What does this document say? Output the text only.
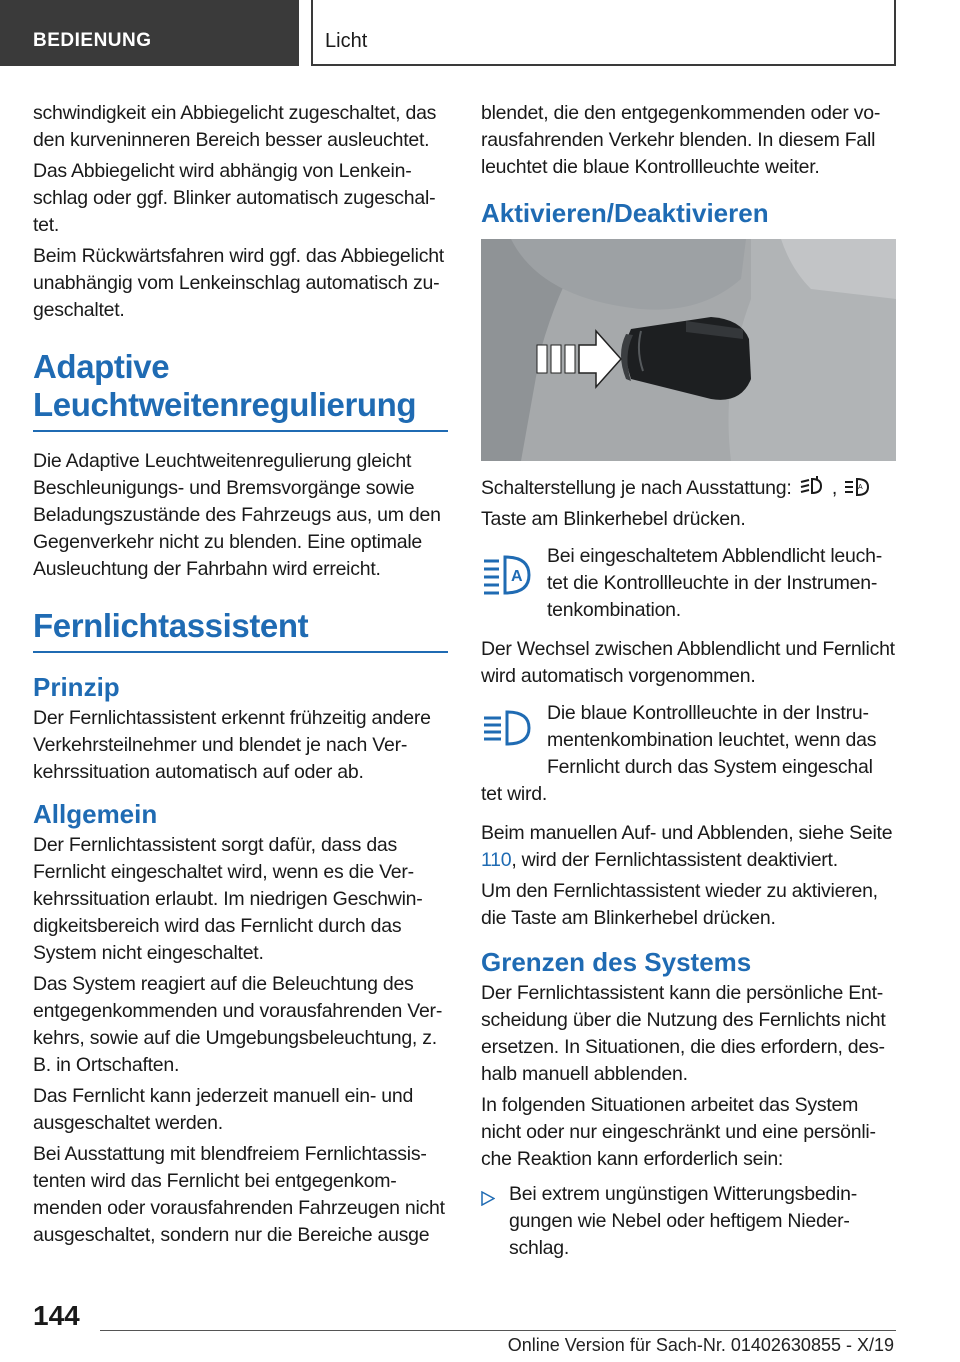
BEDIENUNG	Licht

schwindigkeit ein Abbiegelicht zugeschaltet, das den kurveninneren Bereich besser ausleuchtet.

Das Abbiegelicht wird abhängig von Lenkeinschlag oder ggf. Blinker automatisch zugeschaltet.

Beim Rückwärtsfahren wird ggf. das Abbiegelicht unabhängig vom Lenkeinschlag automatisch zugeschaltet.

Adaptive Leuchtweitenregulierung

Die Adaptive Leuchtweitenregulierung gleicht Beschleunigungs- und Bremsvorgänge sowie Beladungszustände des Fahrzeugs aus, um den Gegenverkehr nicht zu blenden. Eine optimale Ausleuchtung der Fahrbahn wird erreicht.

Fernlichtassistent
Prinzip

Der Fernlichtassistent erkennt frühzeitig andere Verkehrsteilnehmer und blendet je nach Verkehrssituation automatisch auf oder ab.

Allgemein

Der Fernlichtassistent sorgt dafür, dass das Fernlicht eingeschaltet wird, wenn es die Verkehrssituation erlaubt. Im niedrigen Geschwindigkeitsbereich wird das Fernlicht durch das System nicht eingeschaltet.

Das System reagiert auf die Beleuchtung des entgegenkommenden und vorausfahrenden Verkehrs, sowie auf die Umgebungsbeleuchtung, z. B. in Ortschaften.

Das Fernlicht kann jederzeit manuell ein- und ausgeschaltet werden.

Bei Ausstattung mit blendfreiem Fernlichtassistenten wird das Fernlicht bei entgegenkommenden oder vorausfahrenden Fahrzeugen nicht ausgeschaltet, sondern nur die Bereiche ausge

blendet, die den entgegenkommenden oder vorausfahrenden Verkehr blenden. In diesem Fall leuchtet die blaue Kontrollleuchte weiter.

Aktivieren/Deaktivieren

Schalterstellung je nach Ausstattung: ,	A

Taste am Blinkerhebel drücken.

A
Bei eingeschaltetem Abblendlicht leuchtet die Kontrollleuchte in der Instrumentenkombination.

Der Wechsel zwischen Abblendlicht und Fernlicht wird automatisch vorgenommen.

Die blaue Kontrollleuchte in der Instrumentenkombination leuchtet, wenn das Fernlicht durch das System eingeschal
tet wird.

Beim manuellen Auf- und Abblenden, siehe Seite 110, wird der Fernlichtassistent deaktiviert.

Um den Fernlichtassistent wieder zu aktivieren, die Taste am Blinkerhebel drücken.

Grenzen des Systems

Der Fernlichtassistent kann die persönliche Entscheidung über die Nutzung des Fernlichts nicht ersetzen. In Situationen, die dies erfordern, deshalb manuell abblenden.

In folgenden Situationen arbeitet das System nicht oder nur eingeschränkt und eine persönliche Reaktion kann erforderlich sein:

Bei extrem ungünstigen Witterungsbedingungen wie Nebel oder heftigem Niederschlag.
144
Online Version für Sach-Nr. 01402630855 - X/19
